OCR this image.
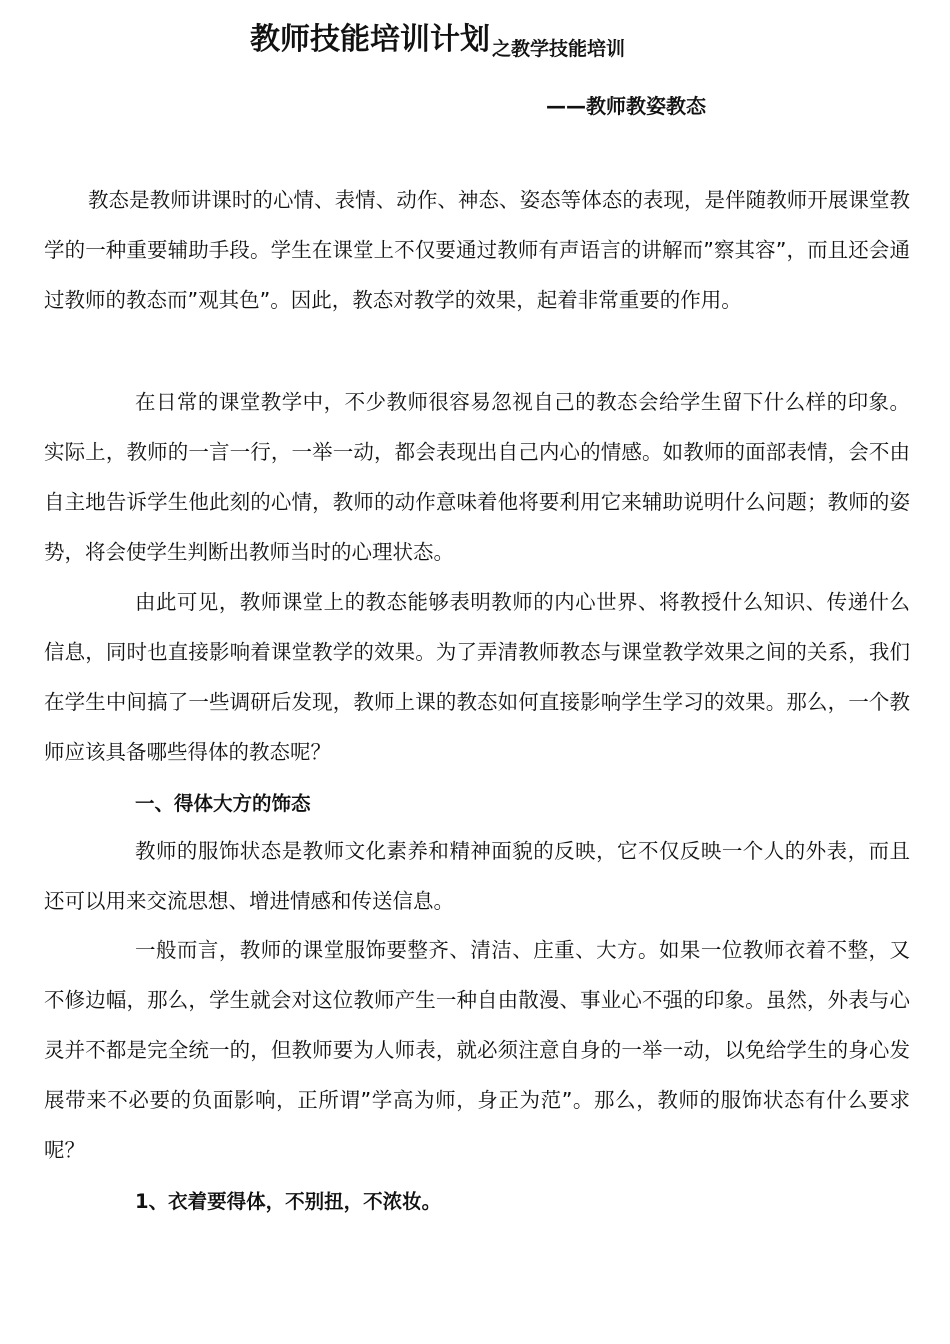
教师技能培训计划 之教学技能培训
——教师教姿教态

教态是教师讲课时的心情、表情、动作、神态、姿态等体态的表现，是伴随教师开展课堂教学的一种重要辅助手段。学生在课堂上不仅要通过教师有声语言的讲解而”察其容”，而且还会通过教师的教态而”观其色”。因此，教态对教学的效果，起着非常重要的作用。

在日常的课堂教学中，不少教师很容易忽视自己的教态会给学生留下什么样的印象。实际上，教师的一言一行，一举一动，都会表现出自己内心的情感。如教师的面部表情，会不由自主地告诉学生他此刻的心情，教师的动作意味着他将要利用它来辅助说明什么问题；教师的姿势，将会使学生判断出教师当时的心理状态。

由此可见，教师课堂上的教态能够表明教师的内心世界、将教授什么知识、传递什么信息，同时也直接影响着课堂教学的效果。为了弄清教师教态与课堂教学效果之间的关系，我们在学生中间搞了一些调研后发现，教师上课的教态如何直接影响学生学习的效果。那么，一个教师应该具备哪些得体的教态呢？

一、得体大方的饰态

教师的服饰状态是教师文化素养和精神面貌的反映，它不仅反映一个人的外表，而且还可以用来交流思想、增进情感和传送信息。

一般而言，教师的课堂服饰要整齐、清洁、庄重、大方。如果一位教师衣着不整，又不修边幅，那么，学生就会对这位教师产生一种自由散漫、事业心不强的印象。虽然，外表与心灵并不都是完全统一的，但教师要为人师表，就必须注意自身的一举一动，以免给学生的身心发展带来不必要的负面影响，正所谓”学高为师，身正为范”。那么，教师的服饰状态有什么要求呢？

1、衣着要得体，不别扭，不浓妆。
